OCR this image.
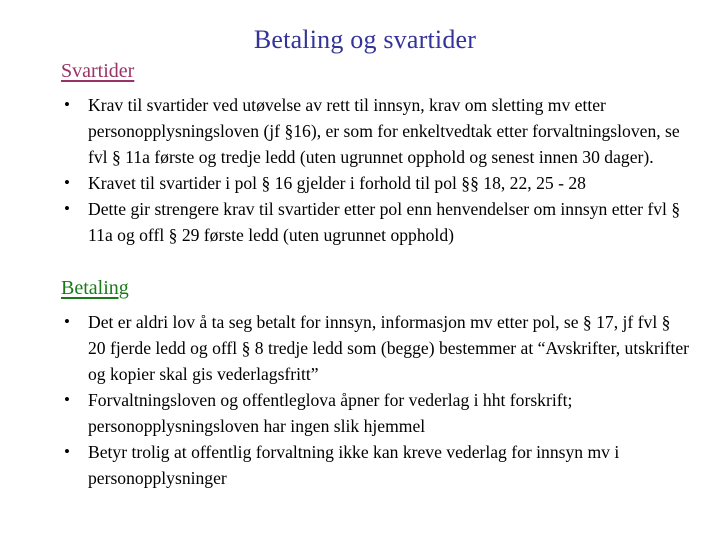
Betaling og svartider
Svartider
• Krav til svartider ved utøvelse av rett til innsyn, krav om sletting mv etter personopplysningsloven (jf §16), er som for enkeltvedtak etter forvaltningsloven, se fvl § 11a første og tredje ledd (uten ugrunnet opphold og senest innen 30 dager).
• Kravet til svartider i pol § 16 gjelder i forhold til pol §§ 18, 22, 25 - 28
• Dette gir strengere krav til svartider etter pol enn henvendelser om innsyn etter fvl § 11a og offl § 29 første ledd (uten ugrunnet opphold)
Betaling
• Det er aldri lov å ta seg betalt for innsyn, informasjon mv etter pol, se § 17, jf fvl § 20 fjerde ledd og offl § 8 tredje ledd som (begge) bestemmer at “Avskrifter, utskrifter og kopier skal gis vederlagsfritt”
• Forvaltningsloven og offentleglova åpner for vederlag i hht forskrift; personopplysningsloven har ingen slik hjemmel
• Betyr trolig at offentlig forvaltning ikke kan kreve vederlag for innsyn mv i personopplysninger
